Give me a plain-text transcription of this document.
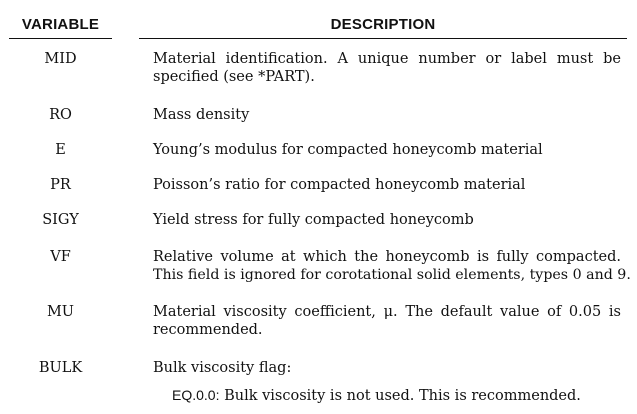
VARIABLE	DESCRIPTION
MID	Material identification. A unique number or label must be
specified (see *PART).
RO	Mass density
E	Young’s modulus for compacted honeycomb material
PR	Poisson’s ratio for compacted honeycomb material
SIGY	Yield stress for fully compacted honeycomb
VF	Relative volume at which the honeycomb is fully compacted.
This field is ignored for corotational solid elements, types 0 and 9.
MU	Material viscosity coefficient, μ. The default value of 0.05 is
recommended.
BULK	Bulk viscosity flag:
EQ.0.0: Bulk viscosity is not used. This is recommended.
